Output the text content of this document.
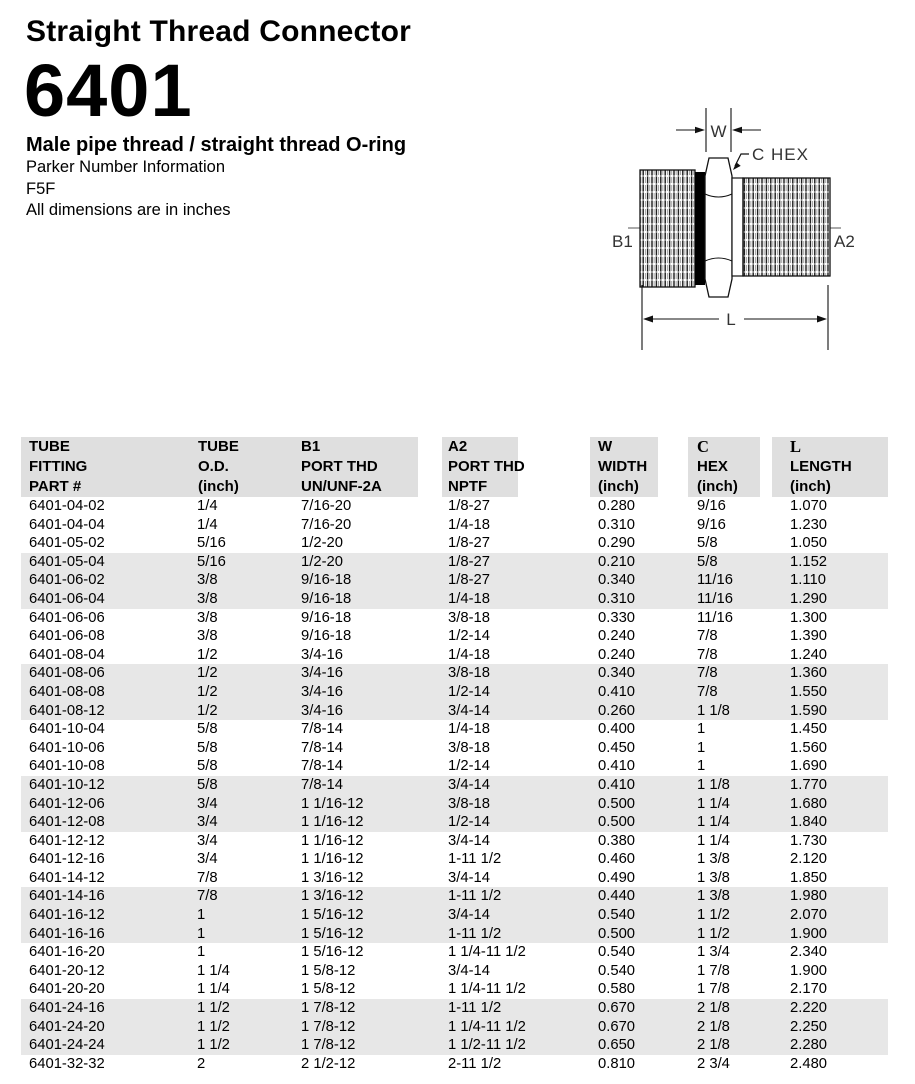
Straight Thread Connector
6401
Male pipe thread / straight thread O-ring
Parker Number Information
F5F
All dimensions are in inches
W
C HEX
B1	A2
L
TUBE
FITTING
PART #
TUBE
O.D.
(inch)
B1
PORT THD
UN/UNF-2A
A2
PORT THD
NPTF
W
WIDTH
(inch)
C
HEX
(inch)
L
LENGTH
(inch)
6401-04-02	1/4	7/16-20	1/8-27	0.280	9/16	1.070
6401-04-04	1/4	7/16-20	1/4-18	0.310	9/16	1.230
6401-05-02	5/16	1/2-20	1/8-27	0.290	5/8	1.050
6401-05-04	5/16	1/2-20	1/8-27	0.210	5/8	1.152
6401-06-02	3/8	9/16-18	1/8-27	0.340	11/16	1.110
6401-06-04	3/8	9/16-18	1/4-18	0.310	11/16	1.290
6401-06-06	3/8	9/16-18	3/8-18	0.330	11/16	1.300
6401-06-08	3/8	9/16-18	1/2-14	0.240	7/8	1.390
6401-08-04	1/2	3/4-16	1/4-18	0.240	7/8	1.240
6401-08-06	1/2	3/4-16	3/8-18	0.340	7/8	1.360
6401-08-08	1/2	3/4-16	1/2-14	0.410	7/8	1.550
6401-08-12	1/2	3/4-16	3/4-14	0.260	1 1/8	1.590
6401-10-04	5/8	7/8-14	1/4-18	0.400	1	1.450
6401-10-06	5/8	7/8-14	3/8-18	0.450	1	1.560
6401-10-08	5/8	7/8-14	1/2-14	0.410	1	1.690
6401-10-12	5/8	7/8-14	3/4-14	0.410	1 1/8	1.770
6401-12-06	3/4	1 1/16-12	3/8-18	0.500	1 1/4	1.680
6401-12-08	3/4	1 1/16-12	1/2-14	0.500	1 1/4	1.840
6401-12-12	3/4	1 1/16-12	3/4-14	0.380	1 1/4	1.730
6401-12-16	3/4	1 1/16-12	1-11 1/2	0.460	1 3/8	2.120
6401-14-12	7/8	1 3/16-12	3/4-14	0.490	1 3/8	1.850
6401-14-16	7/8	1 3/16-12	1-11 1/2	0.440	1 3/8	1.980
6401-16-12	1	1 5/16-12	3/4-14	0.540	1 1/2	2.070
6401-16-16	1	1 5/16-12	1-11 1/2	0.500	1 1/2	1.900
6401-16-20	1	1 5/16-12	1 1/4-11 1/2	0.540	1 3/4	2.340
6401-20-12	1 1/4	1 5/8-12	3/4-14	0.540	1 7/8	1.900
6401-20-20	1 1/4	1 5/8-12	1 1/4-11 1/2	0.580	1 7/8	2.170
6401-24-16	1 1/2	1 7/8-12	1-11 1/2	0.670	2 1/8	2.220
6401-24-20	1 1/2	1 7/8-12	1 1/4-11 1/2	0.670	2 1/8	2.250
6401-24-24	1 1/2	1 7/8-12	1 1/2-11 1/2	0.650	2 1/8	2.280
6401-32-32	2	2 1/2-12	2-11 1/2	0.810	2 3/4	2.480
